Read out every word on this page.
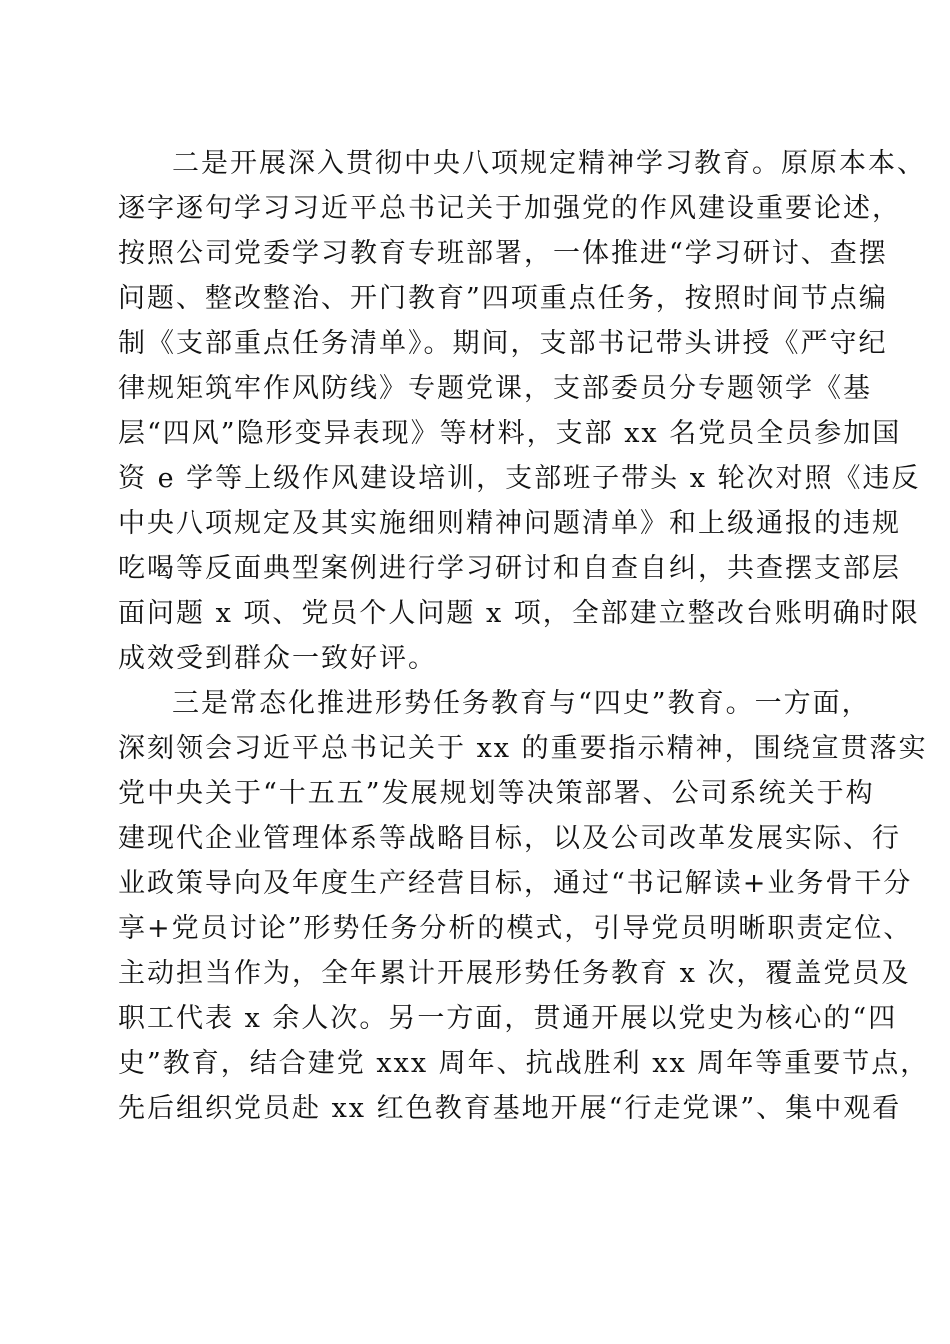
二是开展深入贯彻中央八项规定精神学习教育。原原本本、
逐字逐句学习习近平总书记关于加强党的作风建设重要论述，
按照公司党委学习教育专班部署，一体推进“学习研讨、查摆
问题、整改整治、开门教育”四项重点任务，按照时间节点编
制《支部重点任务清单》。期间，支部书记带头讲授《严守纪
律规矩筑牢作风防线》专题党课，支部委员分专题领学《基
层“四风”隐形变异表现》等材料，支部 xx 名党员全员参加国
资 e 学等上级作风建设培训，支部班子带头 x 轮次对照《违反
中央八项规定及其实施细则精神问题清单》和上级通报的违规
吃喝等反面典型案例进行学习研讨和自查自纠，共查摆支部层
面问题 x 项、党员个人问题 x 项，全部建立整改台账明确时限
成效受到群众一致好评。
三是常态化推进形势任务教育与“四史”教育。一方面，
深刻领会习近平总书记关于 xx 的重要指示精神，围绕宣贯落实
党中央关于“十五五”发展规划等决策部署、公司系统关于构
建现代企业管理体系等战略目标，以及公司改革发展实际、行
业政策导向及年度生产经营目标，通过“书记解读+业务骨干分
享+党员讨论”形势任务分析的模式，引导党员明晰职责定位、
主动担当作为，全年累计开展形势任务教育 x 次，覆盖党员及
职工代表 x 余人次。另一方面，贯通开展以党史为核心的“四
史”教育，结合建党 xxx 周年、抗战胜利 xx 周年等重要节点，
先后组织党员赴 xx 红色教育基地开展“行走党课”、集中观看
